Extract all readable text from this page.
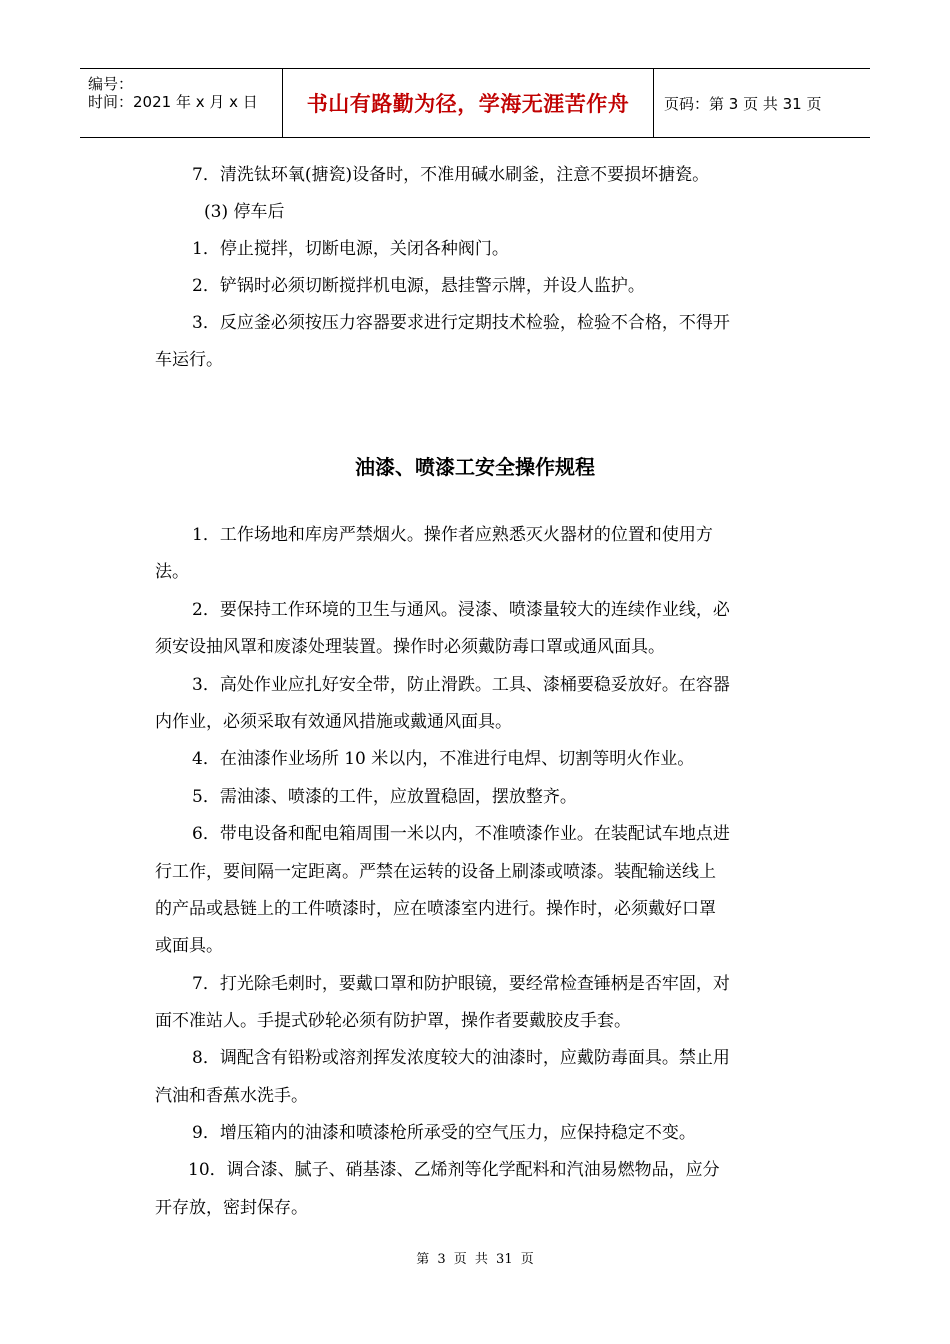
编号：
时间：2021 年 x 月 x 日	书山有路勤为径，学海无涯苦作舟	页码：第 3 页 共 31 页
7．清洗钛环氧(搪瓷)设备时，不准用碱水刷釜，注意不要损坏搪瓷。
(3) 停车后
1．停止搅拌，切断电源，关闭各种阀门。
2．铲锅时必须切断搅拌机电源，悬挂警示牌，并设人监护。
3．反应釜必须按压力容器要求进行定期技术检验，检验不合格，不得开
车运行。
油漆、喷漆工安全操作规程
1．工作场地和库房严禁烟火。操作者应熟悉灭火器材的位置和使用方
法。
2．要保持工作环境的卫生与通风。浸漆、喷漆量较大的连续作业线，必
须安设抽风罩和废漆处理装置。操作时必须戴防毒口罩或通风面具。
3．高处作业应扎好安全带，防止滑跌。工具、漆桶要稳妥放好。在容器
内作业，必须采取有效通风措施或戴通风面具。
4．在油漆作业场所 10 米以内，不准进行电焊、切割等明火作业。
5．需油漆、喷漆的工件，应放置稳固，摆放整齐。
6．带电设备和配电箱周围一米以内，不准喷漆作业。在装配试车地点进
行工作，要间隔一定距离。严禁在运转的设备上刷漆或喷漆。装配输送线上
的产品或悬链上的工件喷漆时，应在喷漆室内进行。操作时，必须戴好口罩
或面具。
7．打光除毛刺时，要戴口罩和防护眼镜，要经常检查锤柄是否牢固，对
面不准站人。手提式砂轮必须有防护罩，操作者要戴胶皮手套。
8．调配含有铅粉或溶剂挥发浓度较大的油漆时，应戴防毒面具。禁止用
汽油和香蕉水洗手。
9．增压箱内的油漆和喷漆枪所承受的空气压力，应保持稳定不变。
10．调合漆、腻子、硝基漆、乙烯剂等化学配料和汽油易燃物品，应分
开存放，密封保存。
第 3 页 共 31 页
